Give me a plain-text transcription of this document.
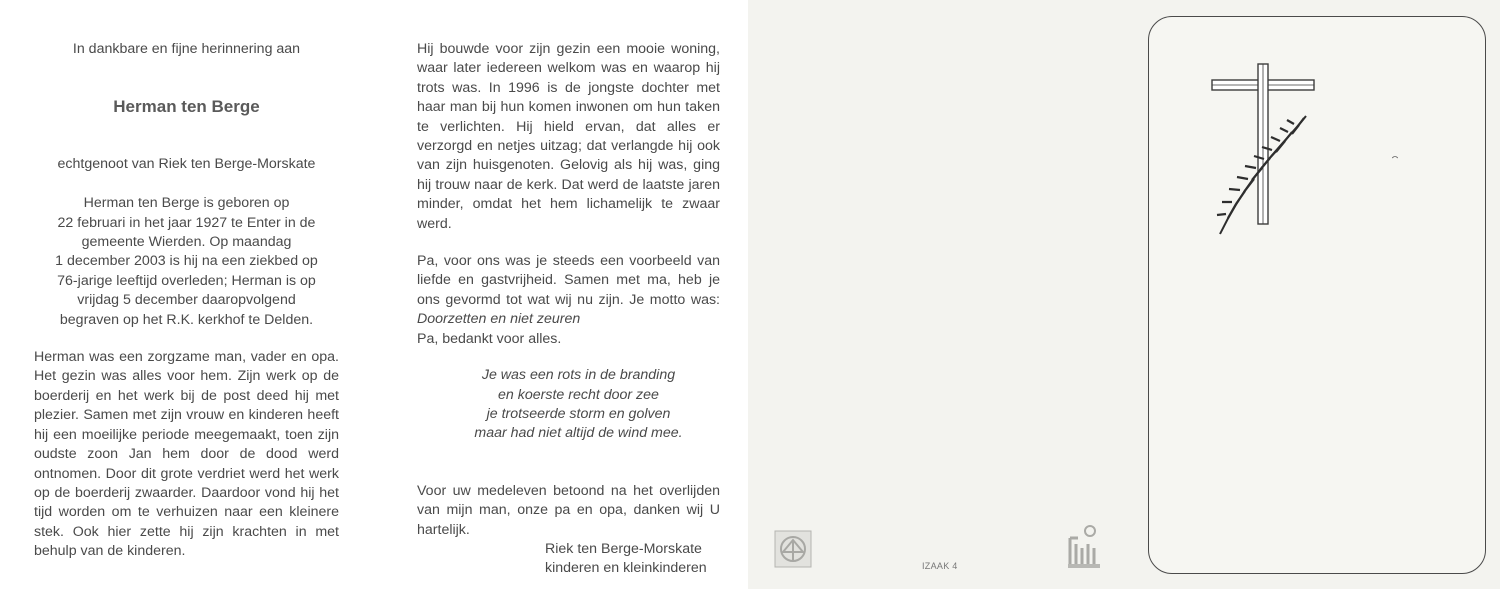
In dankbare en fijne herinnering aan

Herman ten Berge

echtgenoot van Riek ten Berge-Morskate

Herman ten Berge is geboren op
22 februari in het jaar 1927 te Enter in de
gemeente Wierden. Op maandag
1 december 2003 is hij na een ziekbed op
76-jarige leeftijd overleden; Herman is op
vrijdag 5 december daaropvolgend
begraven op het R.K. kerkhof te Delden.

Herman was een zorgzame man, vader en opa. Het gezin was alles voor hem. Zijn werk op de boerderij en het werk bij de post deed hij met plezier. Samen met zijn vrouw en kinderen heeft hij een moeilijke periode meegemaakt, toen zijn oudste zoon Jan hem door de dood werd ontnomen. Door dit grote verdriet werd het werk op de boerderij zwaarder. Daardoor vond hij het tijd worden om te verhuizen naar een kleinere stek. Ook hier zette hij zijn krachten in met behulp van de kinderen.

Hij bouwde voor zijn gezin een mooie woning, waar later iedereen welkom was en waarop hij trots was. In 1996 is de jongste dochter met haar man bij hun komen inwonen om hun taken te verlichten. Hij hield ervan, dat alles er verzorgd en netjes uitzag; dat verlangde hij ook van zijn huisgenoten. Gelovig als hij was, ging hij trouw naar de kerk. Dat werd de laatste jaren minder, omdat het hem lichamelijk te zwaar werd.

Pa, voor ons was je steeds een voorbeeld van liefde en gastvrijheid. Samen met ma, heb je ons gevormd tot wat wij nu zijn. Je motto was: Doorzetten en niet zeuren
Pa, bedankt voor alles.

Je was een rots in de branding
en koerste recht door zee
je trotseerde storm en golven
maar had niet altijd de wind mee.

Voor uw medeleven betoond na het overlijden van mijn man, onze pa en opa, danken wij U hartelijk.

Riek ten Berge-Morskate
kinderen en kleinkinderen	IZAAK 4
